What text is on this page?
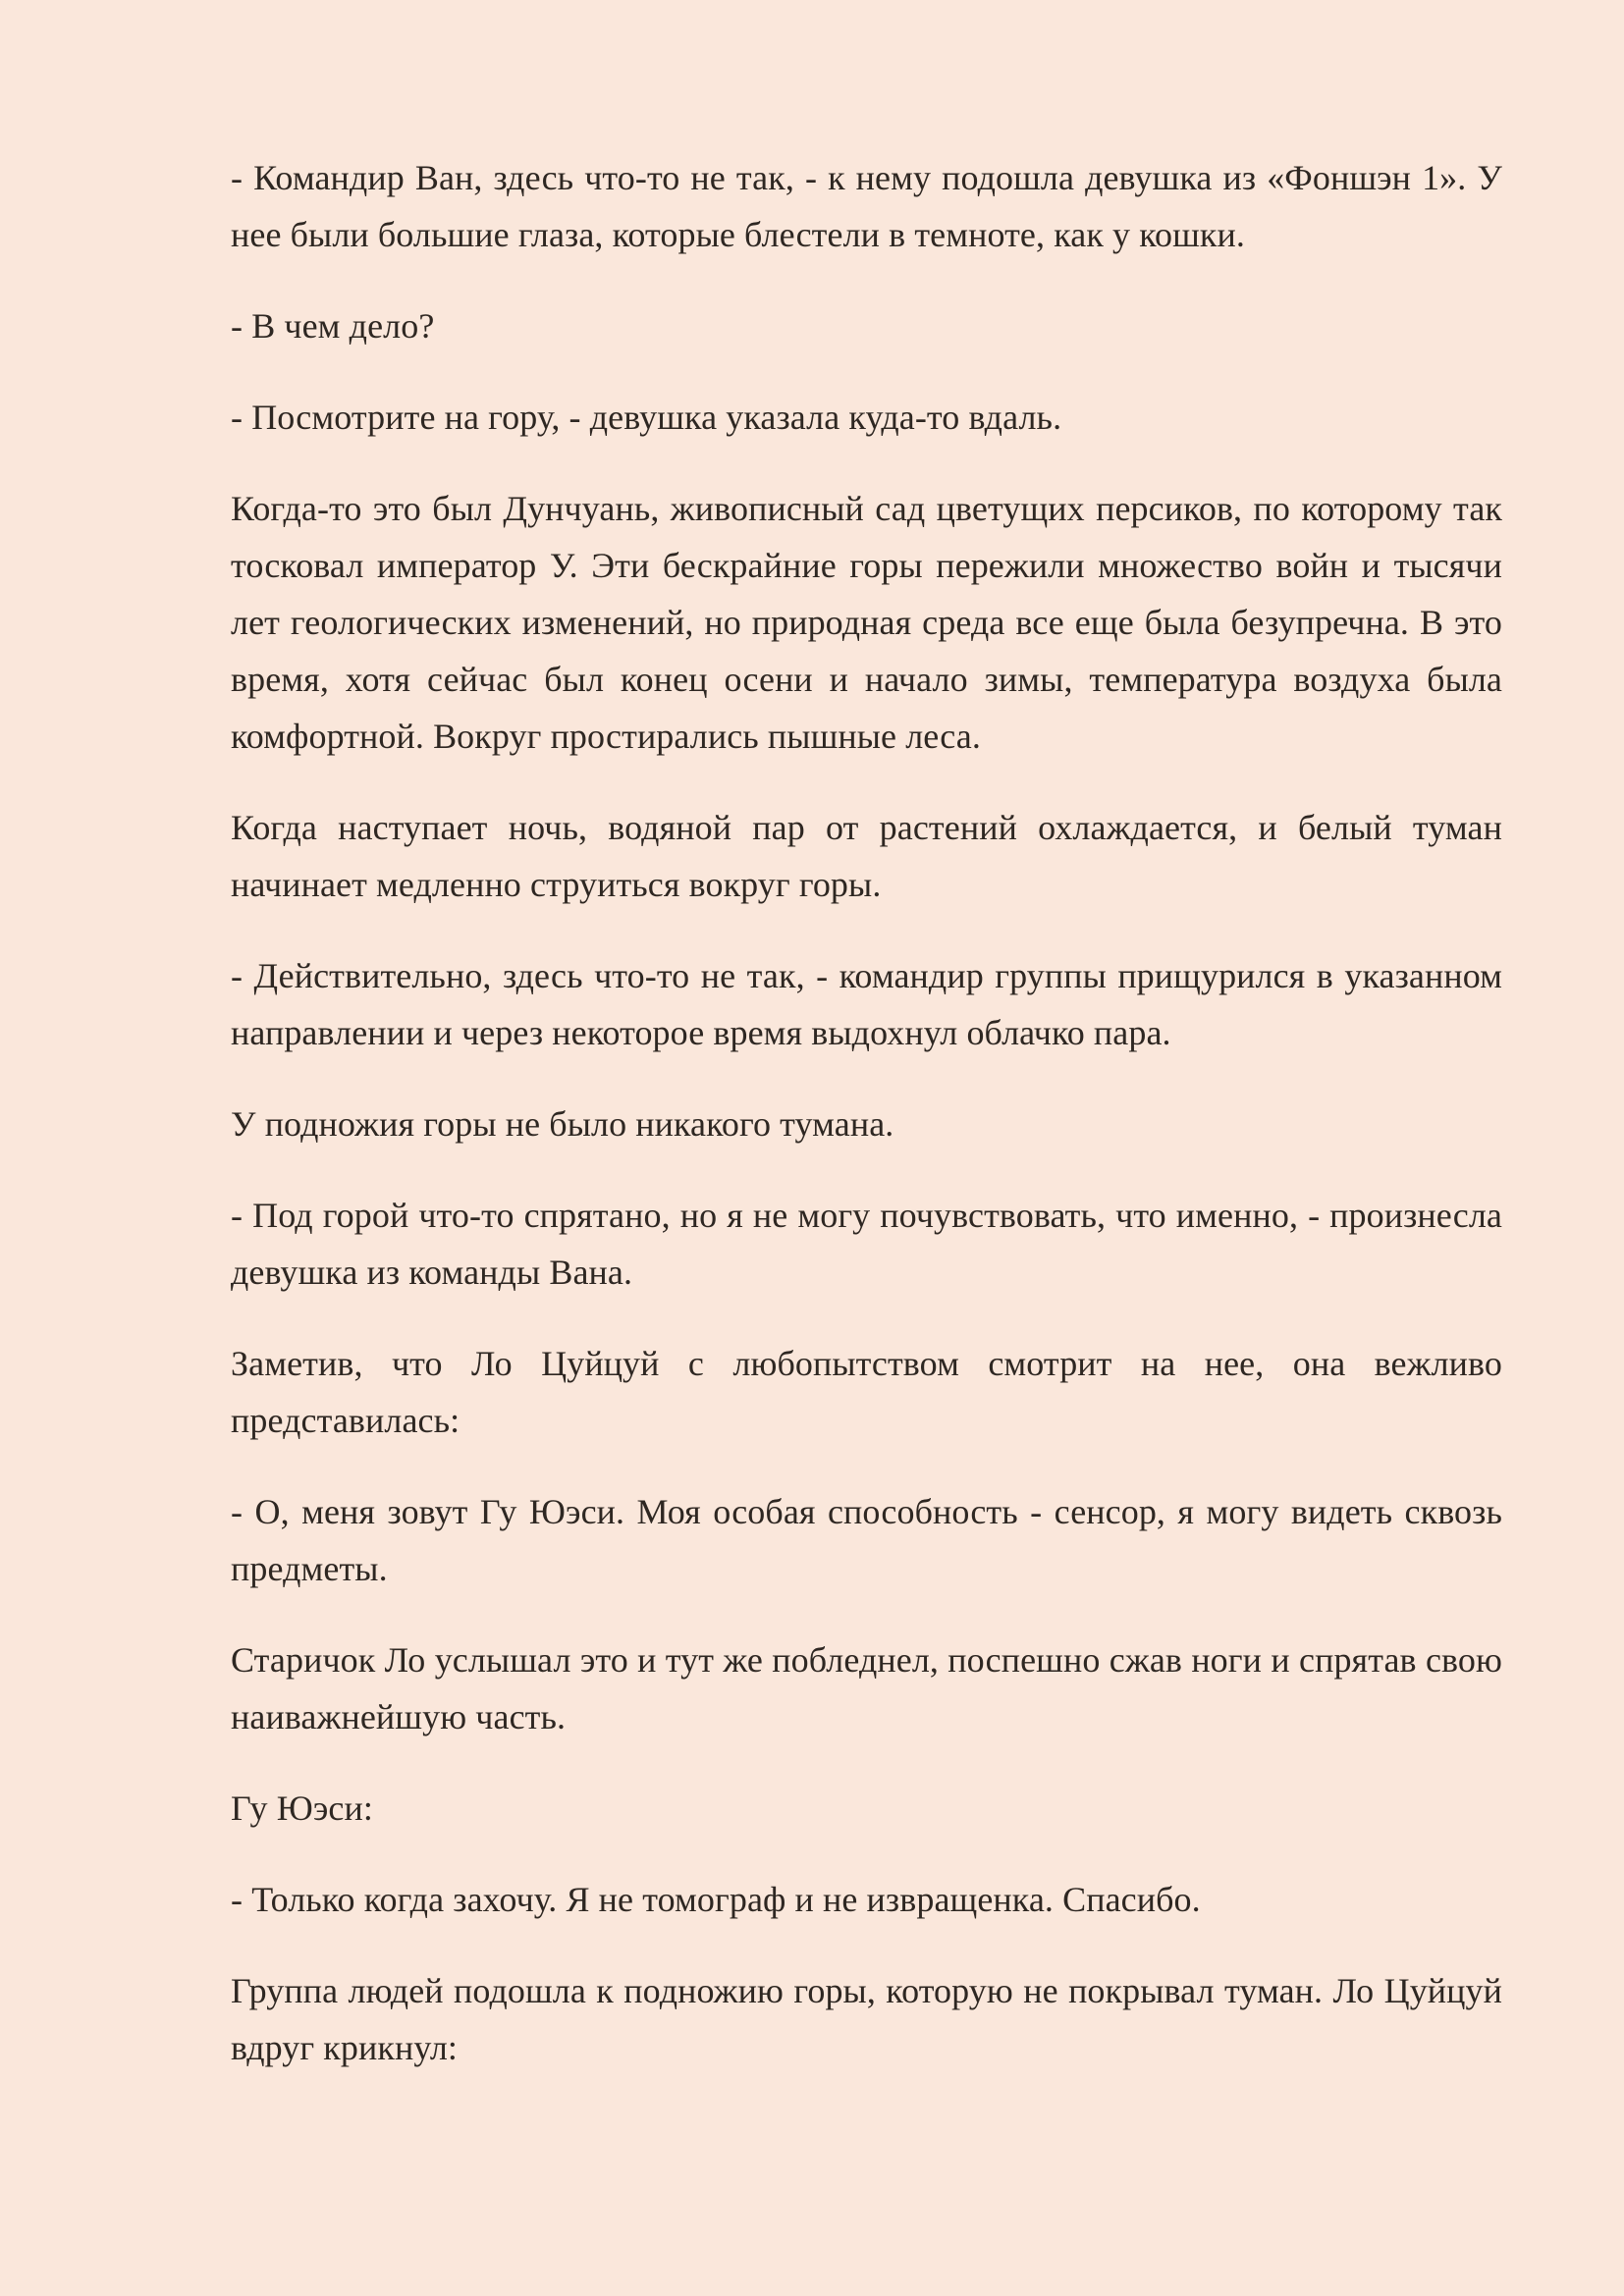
- Командир Ван, здесь что-то не так, - к нему подошла девушка из «Фоншэн 1». У нее были большие глаза, которые блестели в темноте, как у кошки.

- В чем дело?

- Посмотрите на гору, - девушка указала куда-то вдаль.

Когда-то это был Дунчуань, живописный сад цветущих персиков, по которому так тосковал император У. Эти бескрайние горы пережили множество войн и тысячи лет геологических изменений, но природная среда все еще была безупречна. В это время, хотя сейчас был конец осени и начало зимы, температура воздуха была комфортной. Вокруг простирались пышные леса.

Когда наступает ночь, водяной пар от растений охлаждается, и белый туман начинает медленно струиться вокруг горы.

- Действительно, здесь что-то не так, - командир группы прищурился в указанном направлении и через некоторое время выдохнул облачко пара.

У подножия горы не было никакого тумана.

- Под горой что-то спрятано, но я не могу почувствовать, что именно, - произнесла девушка из команды Вана.

Заметив, что Ло Цуйцуй с любопытством смотрит на нее, она вежливо представилась:

- О, меня зовут Гу Юэси. Моя особая способность - сенсор, я могу видеть сквозь предметы.

Старичок Ло услышал это и тут же побледнел, поспешно сжав ноги и спрятав свою наиважнейшую часть.

Гу Юэси:

- Только когда захочу. Я не томограф и не извращенка. Спасибо.

Группа людей подошла к подножию горы, которую не покрывал туман. Ло Цуйцуй вдруг крикнул:
